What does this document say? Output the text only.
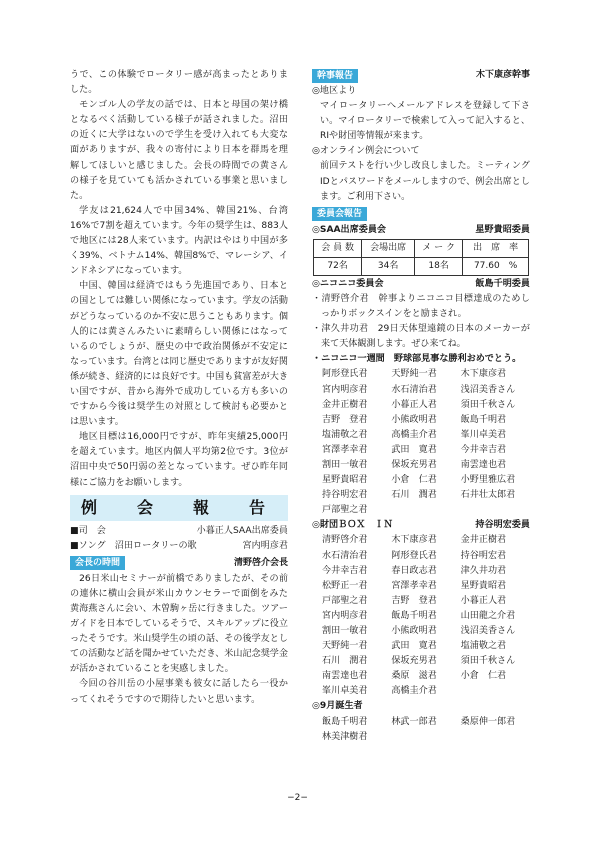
うで、この体験でロータリー感が高まったとありました。

モンゴル人の学友の話では、日本と母国の架け橋となるべく活動している様子が話されました。沼田の近くに大学はないので学生を受け入れても大変な面がありますが、我々の寄付により日本を群馬を理解してほしいと感じました。会長の時間での黄さんの様子を見ていても活かされている事業と思いました。

学友は21,624人で中国34%、韓国21%、台湾16%で7割を超えています。今年の奨学生は、883人で地区には28人来ています。内訳はやはり中国が多く39%、ベトナム14%、韓国8%で、マレーシア、インドネシアになっています。

中国、韓国は経済ではもう先進国であり、日本との国としては難しい関係になっています。学友の活動がどうなっているのか不安に思うこともあります。個人的には黄さんみたいに素晴らしい関係にはなっているのでしょうが、歴史の中で政治関係が不安定になっています。台湾とは同じ歴史でありますが友好関係が続き、経済的には良好です。中国も貧富差が大きい国ですが、昔から海外で成功している方も多いのですから今後は奨学生の対照として検討も必要かとは思います。

地区目標は16,000円ですが、昨年実績25,000円を超えています。地区内個人平均第2位です。3位が沼田中央で50円弱の差となっています。ぜひ昨年同様にご協力をお願いします。

例　会　報　告
■司　会	小暮正人SAA出席委員
■ソング　沼田ロータリーの歌	宮内明彦君
会長の時間	清野啓介会長

26日米山セミナーが前橋でありましたが、その前の連休に横山会員が米山カウンセラーで面倒をみた黄海燕さんに会い、木曽駒ヶ岳に行きました。ツアーガイドを日本でしているそうで、スキルアップに役立ったそうです。米山奨学生の頃の話、その後学友としての活動など話を聞かせていただき、米山記念奨学金が活かされていることを実感しました。

今回の谷川岳の小屋事業も彼女に話したら一役かってくれそうですので期待したいと思います。

幹事報告	木下康彦幹事

◎地区より

マイロータリーへメールアドレスを登録して下さい。マイロータリーで検索して入って記入すると、RIや財団等情報が来ます。

◎オンライン例会について

前回テストを行い少し改良しました。ミーティングIDとパスワードをメールしますので、例会出席とします。ご利用下さい。

委員会報告
◎SAA出席委員会	星野貴昭委員
会 員 数	会場出席	メ ー ク	出　席　率
72名	34名	18名	77.60　%
◎ニコニコ委員会	飯島千明委員

・清野啓介君　幹事よりニコニコ目標達成のためしっかりボックスインをと励まされ。

・津久井功君　29日天体望遠鏡の日本のメーカーが来て天体観測します。ぜひ来てね。

・ニコニコ一週間　野球部見事な勝利おめでとう。

阿形登氏君	天野純一君	木下康彦君
宮内明彦君	水石清治君	浅沼美香さん
金井正樹君	小暮正人君	須田千秋さん
吉野　登君	小熊政明君	飯島千明君
塩浦敬之君	高橋圭介君	峯川卓美君
宮澤孝幸君	武田　寛君	今井幸吉君
割田一敏君	保坂充男君	南雲達也君
星野貴昭君	小倉　仁君	小野里雅広君
持谷明宏君	石川　潤君	石井壮太郎君
戸部聖之君
◎財団ＢＯＸ　ＩＮ	持谷明宏委員
清野啓介君	木下康彦君	金井正樹君
水石清治君	阿形登氏君	持谷明宏君
今井幸吉君	春日政志君	津久井功君
松野正一君	宮澤孝幸君	星野貴昭君
戸部聖之君	吉野　登君	小暮正人君
宮内明彦君	飯島千明君	山田龍之介君
割田一敏君	小熊政明君	浅沼美香さん
天野純一君	武田　寛君	塩浦敬之君
石川　潤君	保坂充男君	須田千秋さん
南雲達也君	桑原　滋君	小倉　仁君
峯川卓美君	高橋圭介君
◎9月誕生者
飯島千明君	林武一郎君	桑原伸一郎君
林美津樹君
−2−
